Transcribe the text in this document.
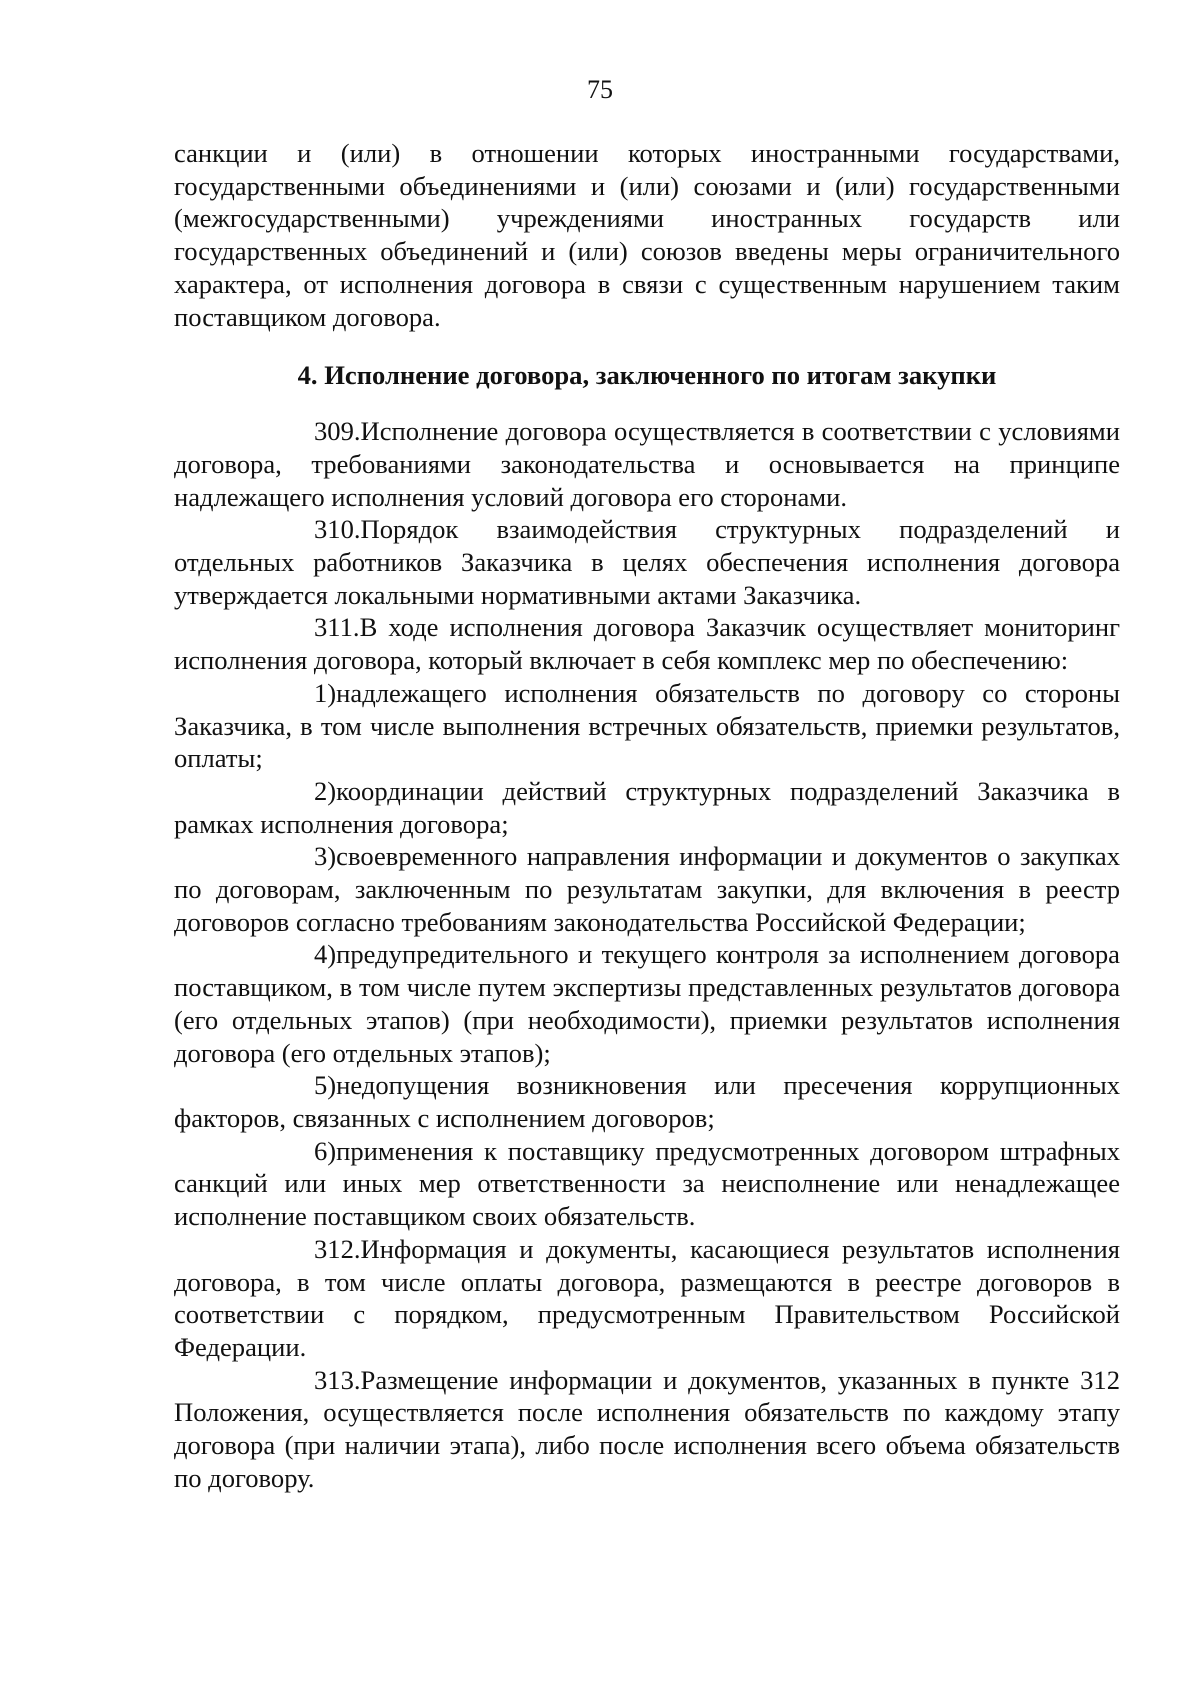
75

санкции и (или) в отношении которых иностранными государствами, государственными объединениями и (или) союзами и (или) государственными (межгосударственными) учреждениями иностранных государств или государственных объединений и (или) союзов введены меры ограничительного характера, от исполнения договора в связи с существенным нарушением таким поставщиком договора.

4. Исполнение договора, заключенного по итогам закупки

309.Исполнение договора осуществляется в соответствии с условиями договора, требованиями законодательства и основывается на принципе надлежащего исполнения условий договора его сторонами.

310.Порядок взаимодействия структурных подразделений и отдельных работников Заказчика в целях обеспечения исполнения договора утверждается локальными нормативными актами Заказчика.

311.В ходе исполнения договора Заказчик осуществляет мониторинг исполнения договора, который включает в себя комплекс мер по обеспечению:

1)надлежащего исполнения обязательств по договору со стороны Заказчика, в том числе выполнения встречных обязательств, приемки результатов, оплаты;

2)координации действий структурных подразделений Заказчика в рамках исполнения договора;

3)своевременного направления информации и документов о закупках по договорам, заключенным по результатам закупки, для включения в реестр договоров согласно требованиям законодательства Российской Федерации;

4)предупредительного и текущего контроля за исполнением договора поставщиком, в том числе путем экспертизы представленных результатов договора (его отдельных этапов) (при необходимости), приемки результатов исполнения договора (его отдельных этапов);

5)недопущения возникновения или пресечения коррупционных факторов, связанных с исполнением договоров;

6)применения к поставщику предусмотренных договором штрафных санкций или иных мер ответственности за неисполнение или ненадлежащее исполнение поставщиком своих обязательств.

312.Информация и документы, касающиеся результатов исполнения договора, в том числе оплаты договора, размещаются в реестре договоров в соответствии с порядком, предусмотренным Правительством Российской Федерации.

313.Размещение информации и документов, указанных в пункте 312 Положения, осуществляется после исполнения обязательств по каждому этапу договора (при наличии этапа), либо после исполнения всего объема обязательств по договору.
